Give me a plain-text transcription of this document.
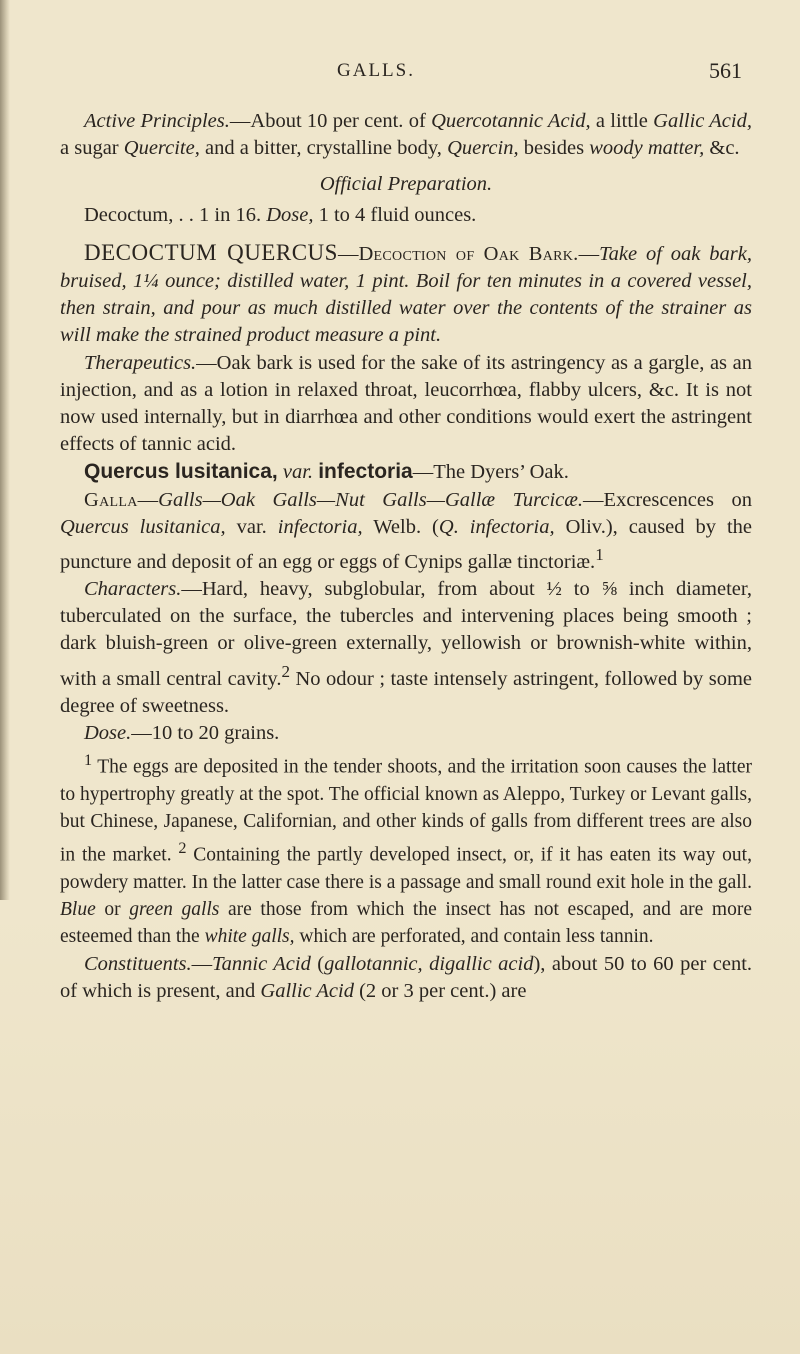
GALLS.	561

Active Principles.—About 10 per cent. of Quercotannic Acid, a little Gallic Acid, a sugar Quercite, and a bitter, crystalline body, Quercin, besides woody matter, &c.

Official Preparation.

Decoctum, . . 1 in 16. Dose, 1 to 4 fluid ounces.

DECOCTUM QUERCUS—Decoction of Oak Bark.—Take of oak bark, bruised, 1¼ ounce; distilled water, 1 pint. Boil for ten minutes in a covered vessel, then strain, and pour as much distilled water over the contents of the strainer as will make the strained product measure a pint.

Therapeutics.—Oak bark is used for the sake of its astringency as a gargle, as an injection, and as a lotion in relaxed throat, leucorrhœa, flabby ulcers, &c. It is not now used internally, but in diarrhœa and other conditions would exert the astringent effects of tannic acid.

Quercus lusitanica, var. infectoria—The Dyers’ Oak.

Galla—Galls—Oak Galls—Nut Galls—Gallæ Turcicæ.—Excrescences on Quercus lusitanica, var. infectoria, Welb. (Q. infectoria, Oliv.), caused by the puncture and deposit of an egg or eggs of Cynips gallæ tinctoriæ.$^1$

Characters.—Hard, heavy, subglobular, from about ½ to ⅝ inch diameter, tuberculated on the surface, the tubercles and intervening places being smooth ; dark bluish-green or olive-green externally, yellowish or brownish-white within, with a small central cavity.$^2$ No odour ; taste intensely astringent, followed by some degree of sweetness.

Dose.—10 to 20 grains.

$^1$ The eggs are deposited in the tender shoots, and the irritation soon causes the latter to hypertrophy greatly at the spot. The official known as Aleppo, Turkey or Levant galls, but Chinese, Japanese, Californian, and other kinds of galls from different trees are also in the market. $^2$ Containing the partly developed insect, or, if it has eaten its way out, powdery matter. In the latter case there is a passage and small round exit hole in the gall. Blue or green galls are those from which the insect has not escaped, and are more esteemed than the white galls, which are perforated, and contain less tannin.

Constituents.—Tannic Acid (gallotannic, digallic acid), about 50 to 60 per cent. of which is present, and Gallic Acid (2 or 3 per cent.) are
